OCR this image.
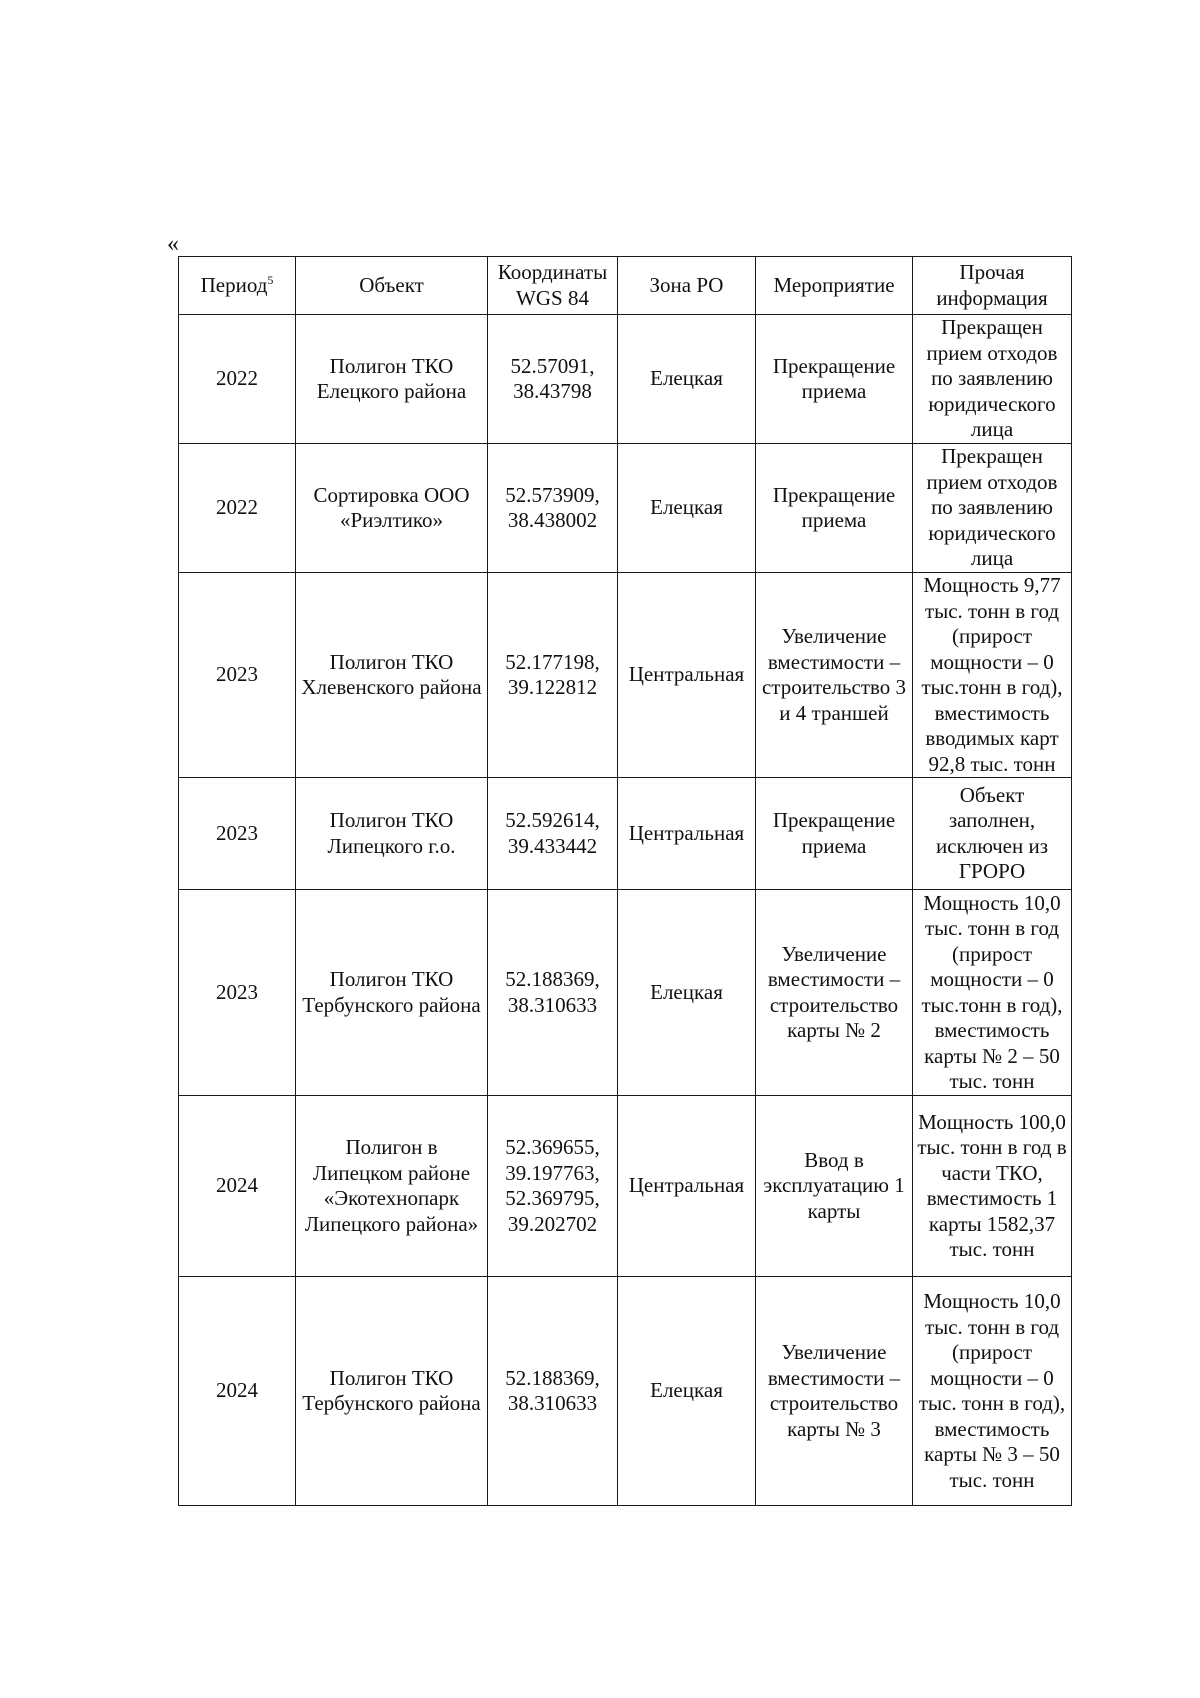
«
Период$^5$	Объект	Координаты WGS 84	Зона РО	Мероприятие	Прочая информация
2022	Полигон ТКО Елецкого района	52.57091, 38.43798	Елецкая	Прекращение приема	Прекращен прием отходов по заявлению юридического лица
2022	Сортировка ООО «Риэлтико»	52.573909, 38.438002	Елецкая	Прекращение приема	Прекращен прием отходов по заявлению юридического лица
2023	Полигон ТКО Хлевенского района	52.177198, 39.122812	Центральная	Увеличение вместимости – строительство 3 и 4 траншей	Мощность 9,77 тыс. тонн в год (прирост мощности – 0 тыс.тонн в год), вместимость вводимых карт 92,8 тыс. тонн
2023	Полигон ТКО Липецкого г.о.	52.592614, 39.433442	Центральная	Прекращение приема	Объект заполнен, исключен из ГРОРО
2023	Полигон ТКО Тербунского района	52.188369, 38.310633	Елецкая	Увеличение вместимости – строительство карты № 2	Мощность 10,0 тыс. тонн в год (прирост мощности – 0 тыс.тонн в год), вместимость карты № 2 – 50 тыс. тонн
2024	Полигон в Липецком районе «Экотехнопарк Липецкого района»	52.369655, 39.197763, 52.369795, 39.202702	Центральная	Ввод в эксплуатацию 1 карты	Мощность 100,0 тыс. тонн в год в части ТКО, вместимость 1 карты 1582,37 тыс. тонн
2024	Полигон ТКО Тербунского района	52.188369, 38.310633	Елецкая	Увеличение вместимости – строительство карты № 3	Мощность 10,0 тыс. тонн в год (прирост мощности – 0 тыс. тонн в год), вместимость карты № 3 – 50 тыс. тонн
